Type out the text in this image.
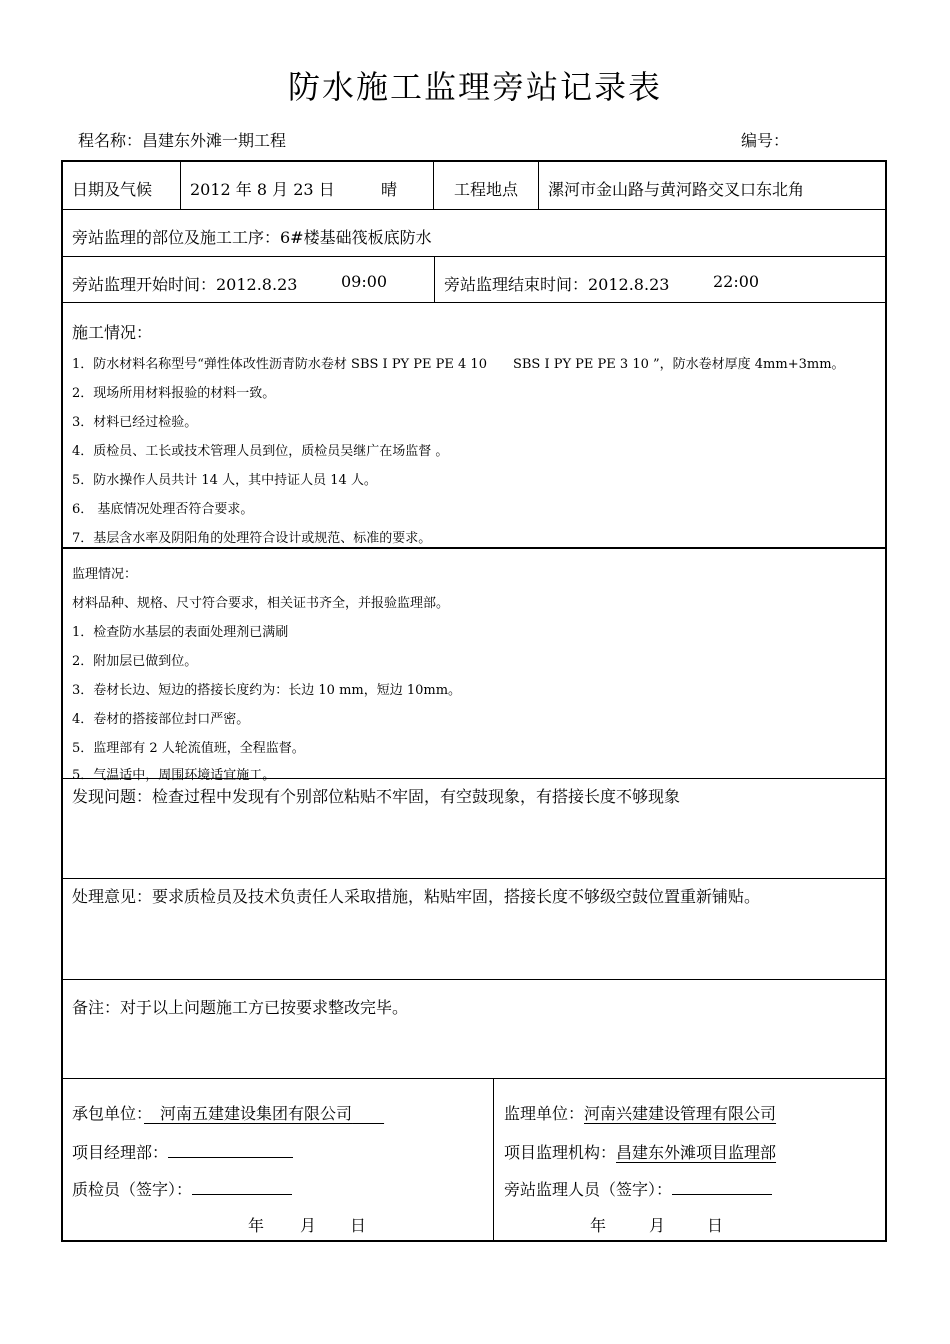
防水施工监理旁站记录表
程名称：昌建东外滩一期工程	编号：
日期及气候 2012 年 8 月 23 日	晴	工程地点 漯河市金山路与黄河路交叉口东北角
旁站监理的部位及施工工序：6#楼基础筏板底防水
旁站监理开始时间：2012.8.23	09:00	旁站监理结束时间：2012.8.23	22:00
施工情况：
1．防水材料名称型号“弹性体改性沥青防水卷材 SBS I PY PE PE 4 10　　SBS I PY PE PE 3 10 ”，防水卷材厚度 4mm+3mm。
2．现场所用材料报验的材料一致。
3．材料已经过检验。
4．质检员、工长或技术管理人员到位，质检员吴继广在场监督 。
5．防水操作人员共计 14 人，其中持证人员 14 人。
6． 基底情况处理否符合要求。
7．基层含水率及阴阳角的处理符合设计或规范、标准的要求。
监理情况：
材料品种、规格、尺寸符合要求，相关证书齐全，并报验监理部。
1．检查防水基层的表面处理剂已满刷
2．附加层已做到位。
3．卷材长边、短边的搭接长度约为：长边 10 mm，短边 10mm。
4．卷材的搭接部位封口严密。
5．监理部有 2 人轮流值班，全程监督。
5．气温适中，周围环境适宜施工。
发现问题：检查过程中发现有个别部位粘贴不牢固，有空鼓现象，有搭接长度不够现象
处理意见：要求质检员及技术负责任人采取措施，粘贴牢固，搭接长度不够级空鼓位置重新铺贴。
备注：对于以上问题施工方已按要求整改完毕。
承包单位：　 河南五建建设集团有限公司　　
项目经理部：
质检员（签字）：
年 月 日
监理单位：河南兴建建设管理有限公司
项目监理机构：昌建东外滩项目监理部
旁站监理人员（签字）：
年	月	日
